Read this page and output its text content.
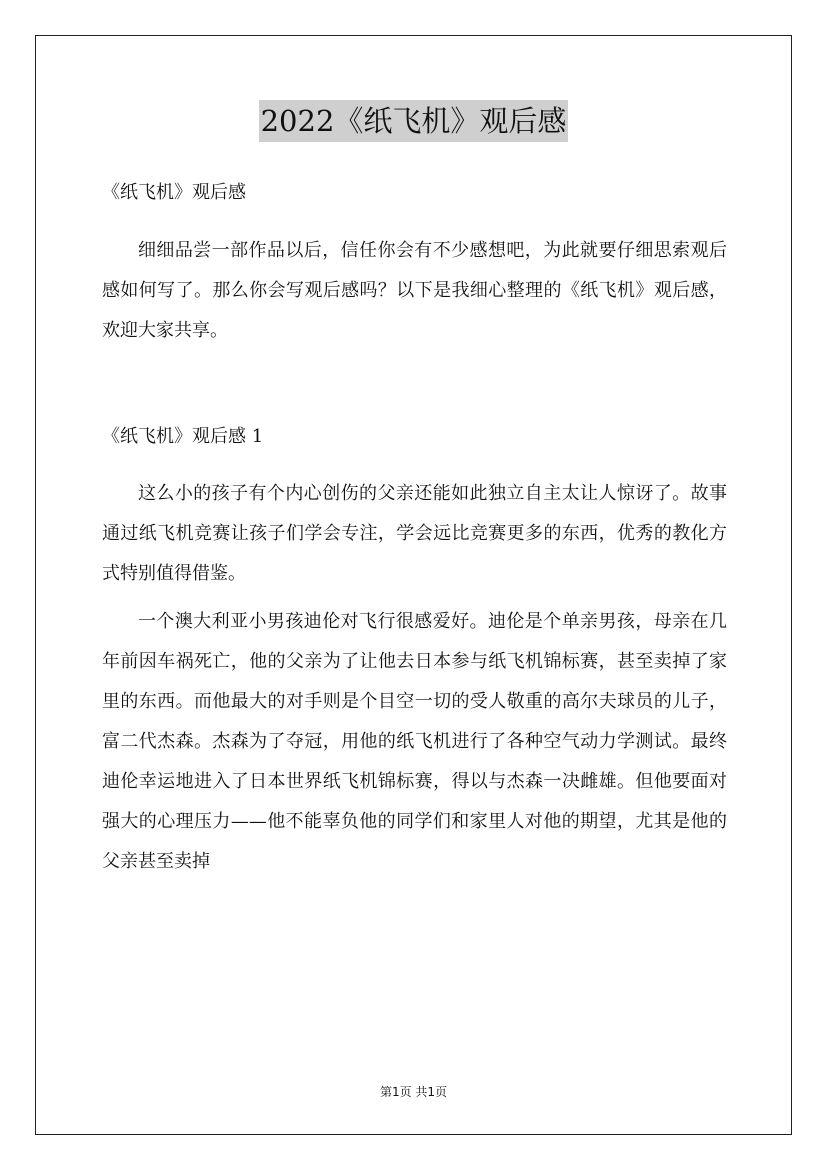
2022《纸飞机》观后感

《纸飞机》观后感

细细品尝一部作品以后，信任你会有不少感想吧，为此就要仔细思索观后感如何写了。那么你会写观后感吗？以下是我细心整理的《纸飞机》观后感，欢迎大家共享。

《纸飞机》观后感 1

这么小的孩子有个内心创伤的父亲还能如此独立自主太让人惊讶了。故事通过纸飞机竞赛让孩子们学会专注，学会远比竞赛更多的东西，优秀的教化方式特别值得借鉴。

一个澳大利亚小男孩迪伦对飞行很感爱好。迪伦是个单亲男孩，母亲在几年前因车祸死亡，他的父亲为了让他去日本参与纸飞机锦标赛，甚至卖掉了家里的东西。而他最大的对手则是个目空一切的受人敬重的高尔夫球员的儿子，富二代杰森。杰森为了夺冠，用他的纸飞机进行了各种空气动力学测试。最终迪伦幸运地进入了日本世界纸飞机锦标赛，得以与杰森一决雌雄。但他要面对强大的心理压力——他不能辜负他的同学们和家里人对他的期望，尤其是他的父亲甚至卖掉

第1页 共1页
